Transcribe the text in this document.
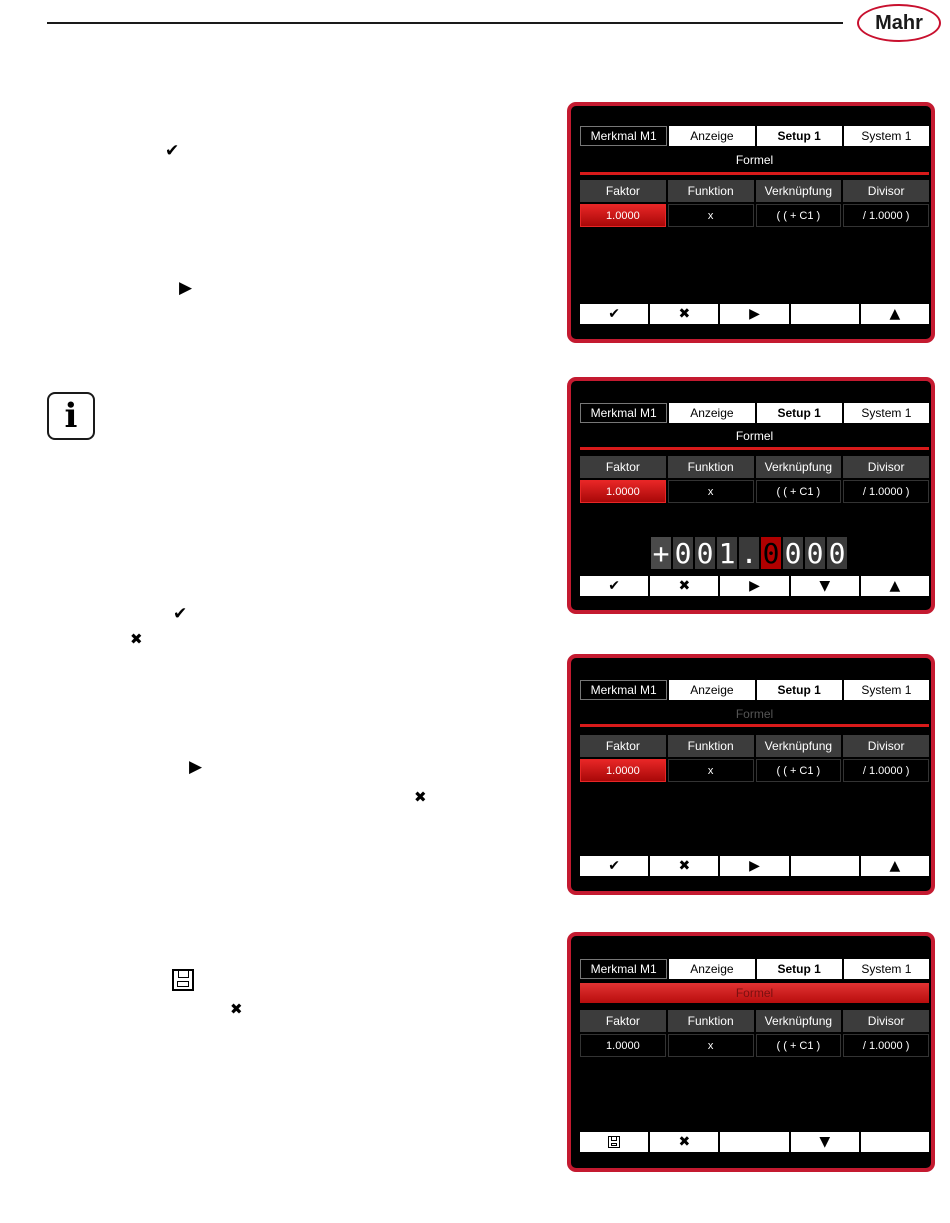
Mahr
✔
▶
i
✔
✖
▶
✖
✖
Merkmal M1	Anzeige	Setup 1	System 1
Formel
Faktor	Funktion	Verknüpfung	Divisor
1.0000	x	( ( + C1 )	/ 1.0000 )
✔	✖	▶	▲
Merkmal M1	Anzeige	Setup 1	System 1
Formel
Faktor	Funktion	Verknüpfung	Divisor
1.0000	x	( ( + C1 )	/ 1.0000 )
+ 0 0 1 . 0 0 0 0
✔	✖	▶	▼	▲
Merkmal M1	Anzeige	Setup 1	System 1
Formel
Faktor	Funktion	Verknüpfung	Divisor
1.0000	x	( ( + C1 )	/ 1.0000 )
✔	✖	▶	▲
Merkmal M1	Anzeige	Setup 1	System 1
Formel
Faktor	Funktion	Verknüpfung	Divisor
1.0000	x	( ( + C1 )	/ 1.0000 )
✖	▼
